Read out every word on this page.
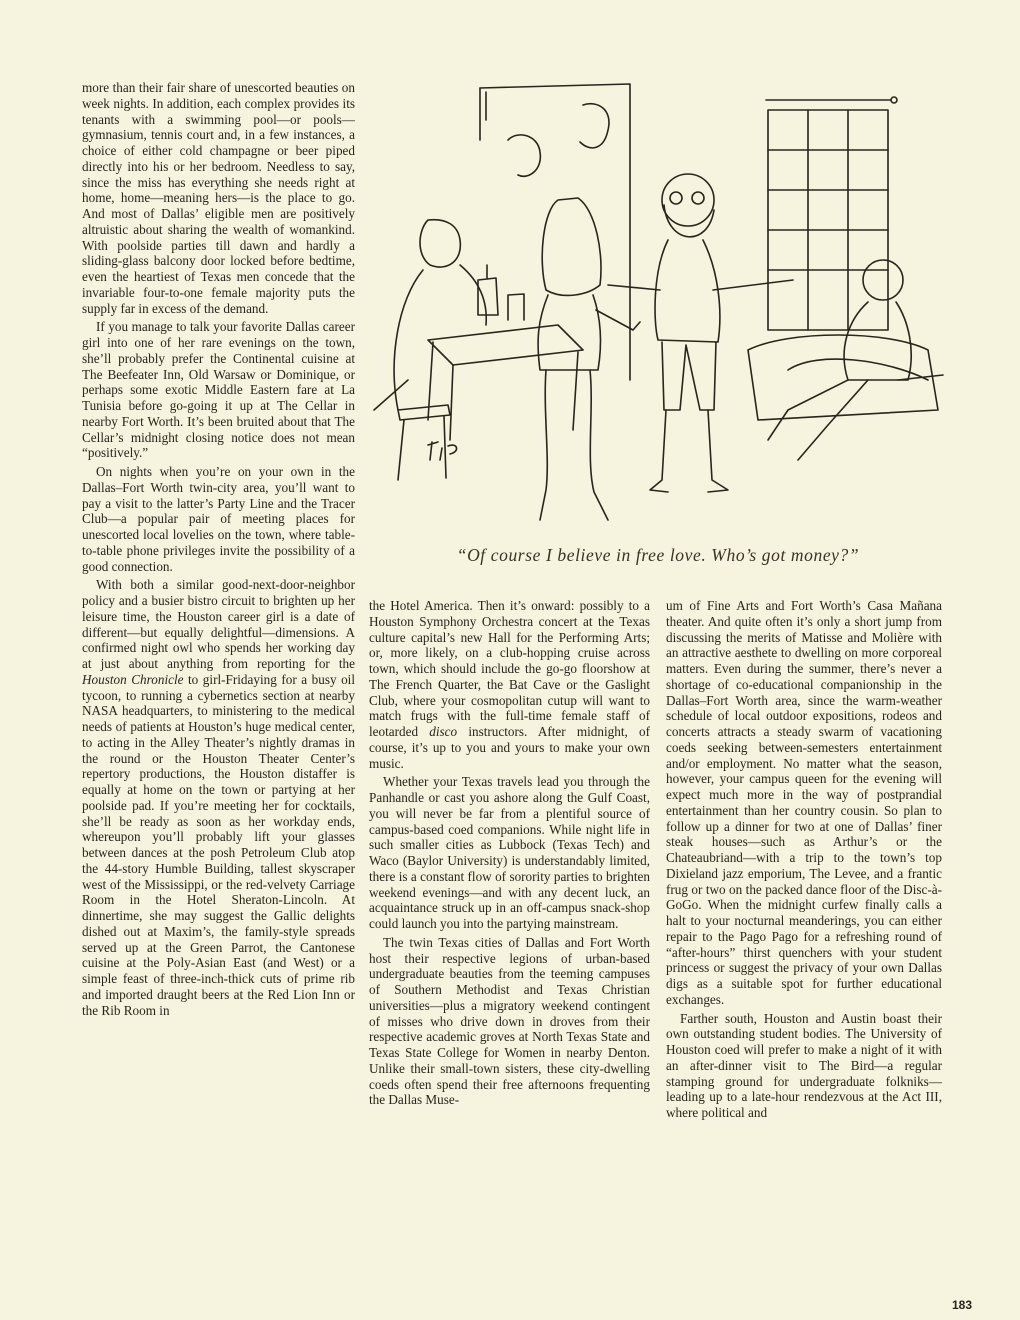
more than their fair share of unescorted beauties on week nights. In addition, each complex provides its tenants with a swimming pool—or pools—gymnasium, tennis court and, in a few instances, a choice of either cold champagne or beer piped directly into his or her bedroom. Needless to say, since the miss has everything she needs right at home, home—meaning hers—is the place to go. And most of Dallas’ eligible men are positively altruistic about sharing the wealth of womankind. With poolside parties till dawn and hardly a sliding-glass balcony door locked before bedtime, even the heartiest of Texas men concede that the invariable four-to-one female majority puts the supply far in excess of the demand.

If you manage to talk your favorite Dallas career girl into one of her rare evenings on the town, she’ll probably prefer the Continental cuisine at The Beefeater Inn, Old Warsaw or Dominique, or perhaps some exotic Middle Eastern fare at La Tunisia before go-going it up at The Cellar in nearby Fort Worth. It’s been bruited about that The Cellar’s midnight closing notice does not mean “positively.”

On nights when you’re on your own in the Dallas–Fort Worth twin-city area, you’ll want to pay a visit to the latter’s Party Line and the Tracer Club—a popular pair of meeting places for unescorted local lovelies on the town, where table-to-table phone privileges invite the possibility of a good connection.

With both a similar good-next-door-neighbor policy and a busier bistro circuit to brighten up her leisure time, the Houston career girl is a date of different—but equally delightful—dimensions. A confirmed night owl who spends her working day at just about anything from reporting for the Houston Chronicle to girl-Fridaying for a busy oil tycoon, to running a cybernetics section at nearby NASA headquarters, to ministering to the medical needs of patients at Houston’s huge medical center, to acting in the Alley Theater’s nightly dramas in the round or the Houston Theater Center’s repertory productions, the Houston distaffer is equally at home on the town or partying at her poolside pad. If you’re meeting her for cocktails, she’ll be ready as soon as her workday ends, whereupon you’ll probably lift your glasses between dances at the posh Petroleum Club atop the 44-story Humble Building, tallest skyscraper west of the Mississippi, or the red-velvety Carriage Room in the Hotel Sheraton-Lincoln. At dinnertime, she may suggest the Gallic delights dished out at Maxim’s, the family-style spreads served up at the Green Parrot, the Cantonese cuisine at the Poly-Asian East (and West) or a simple feast of three-inch-thick cuts of prime rib and imported draught beers at the Red Lion Inn or the Rib Room in

“Of course I believe in free love. Who’s got money?”

the Hotel America. Then it’s onward: possibly to a Houston Symphony Orchestra concert at the Texas culture capital’s new Hall for the Performing Arts; or, more likely, on a club-hopping cruise across town, which should include the go-go floorshow at The French Quarter, the Bat Cave or the Gaslight Club, where your cosmopolitan cutup will want to match frugs with the full-time female staff of leotarded disco instructors. After midnight, of course, it’s up to you and yours to make your own music.

Whether your Texas travels lead you through the Panhandle or cast you ashore along the Gulf Coast, you will never be far from a plentiful source of campus-based coed companions. While night life in such smaller cities as Lubbock (Texas Tech) and Waco (Baylor University) is understandably limited, there is a constant flow of sorority parties to brighten weekend evenings—and with any decent luck, an acquaintance struck up in an off-campus snack-shop could launch you into the partying mainstream.

The twin Texas cities of Dallas and Fort Worth host their respective legions of urban-based undergraduate beauties from the teeming campuses of Southern Methodist and Texas Christian universities—plus a migratory weekend contingent of misses who drive down in droves from their respective academic groves at North Texas State and Texas State College for Women in nearby Denton. Unlike their small-town sisters, these city-dwelling coeds often spend their free afternoons frequenting the Dallas Muse-

um of Fine Arts and Fort Worth’s Casa Mañana theater. And quite often it’s only a short jump from discussing the merits of Matisse and Molière with an attractive aesthete to dwelling on more corporeal matters. Even during the summer, there’s never a shortage of co-educational companionship in the Dallas–Fort Worth area, since the warm-weather schedule of local outdoor expositions, rodeos and concerts attracts a steady swarm of vacationing coeds seeking between-semesters entertainment and/or employment. No matter what the season, however, your campus queen for the evening will expect much more in the way of postprandial entertainment than her country cousin. So plan to follow up a dinner for two at one of Dallas’ finer steak houses—such as Arthur’s or the Chateaubriand—with a trip to the town’s top Dixieland jazz emporium, The Levee, and a frantic frug or two on the packed dance floor of the Disc-à-GoGo. When the midnight curfew finally calls a halt to your nocturnal meanderings, you can either repair to the Pago Pago for a refreshing round of “after-hours” thirst quenchers with your student princess or suggest the privacy of your own Dallas digs as a suitable spot for further educational exchanges.

Farther south, Houston and Austin boast their own outstanding student bodies. The University of Houston coed will prefer to make a night of it with an after-dinner visit to The Bird—a regular stamping ground for undergraduate folkniks—leading up to a late-hour rendezvous at the Act III, where political and

183
